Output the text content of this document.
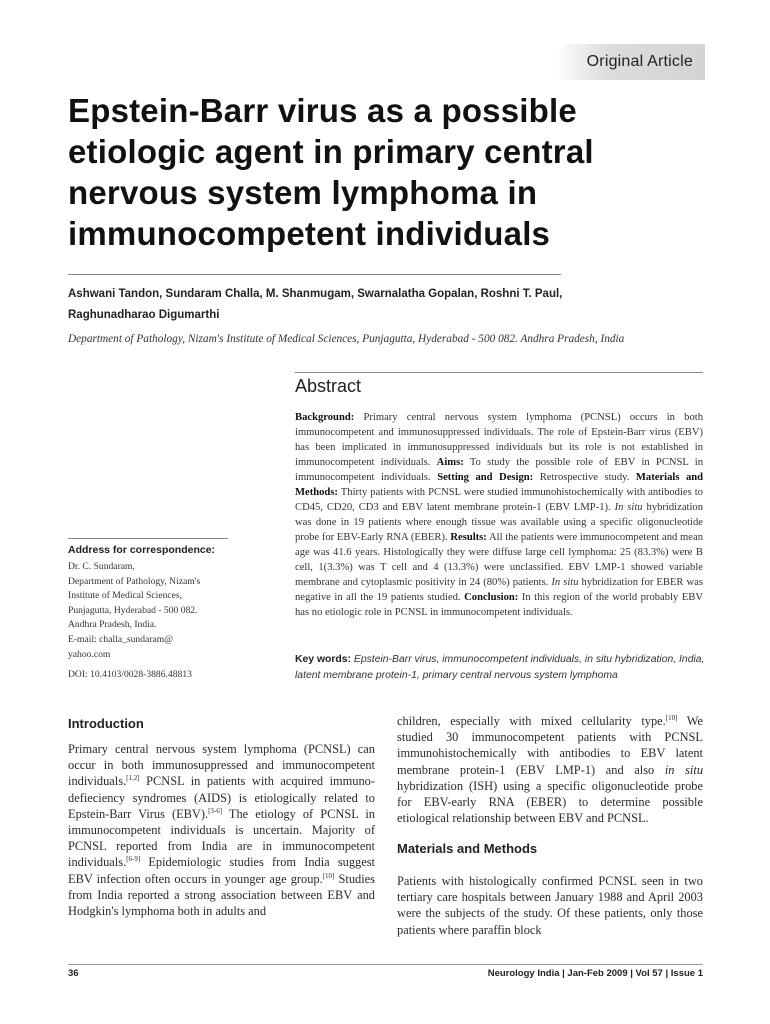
Original Article
Epstein-Barr virus as a possible etiologic agent in primary central nervous system lymphoma in immunocompetent individuals

Ashwani Tandon, Sundaram Challa, M. Shanmugam, Swarnalatha Gopalan, Roshni T. Paul, Raghunadharao Digumarthi

Department of Pathology, Nizam's Institute of Medical Sciences, Punjagutta, Hyderabad - 500 082. Andhra Pradesh, India

Abstract

Background: Primary central nervous system lymphoma (PCNSL) occurs in both immunocompetent and immunosuppressed individuals. The role of Epstein-Barr virus (EBV) has been implicated in immunosuppressed individuals but its role is not established in immunocompetent individuals. Aims: To study the possible role of EBV in PCNSL in immunocompetent individuals. Setting and Design: Retrospective study. Materials and Methods: Thirty patients with PCNSL were studied immunohistochemically with antibodies to CD45, CD20, CD3 and EBV latent membrane protein-1 (EBV LMP-1). In situ hybridization was done in 19 patients where enough tissue was available using a specific oligonucleotide probe for EBV-Early RNA (EBER). Results: All the patients were immunocompetent and mean age was 41.6 years. Histologically they were diffuse large cell lymphoma: 25 (83.3%) were B cell, 1(3.3%) was T cell and 4 (13.3%) were unclassified. EBV LMP-1 showed variable membrane and cytoplasmic positivity in 24 (80%) patients. In situ hybridization for EBER was negative in all the 19 patients studied. Conclusion: In this region of the world probably EBV has no etiologic role in PCNSL in immunocompetent individuals.

Key words: Epstein-Barr virus, immunocompetent individuals, in situ hybridization, India, latent membrane protein-1, primary central nervous system lymphoma

Address for correspondence:

Dr. C. Sundaram,
Department of Pathology, Nizam's
Institute of Medical Sciences,
Punjagutta, Hyderabad - 500 082.
Andhra Pradesh, India.
E-mail: challa_sundaram@
yahoo.com

DOI: 10.4103/0028-3886.48813

Introduction

Primary central nervous system lymphoma (PCNSL) can occur in both immunosuppressed and immunocompetent individuals.[1,2] PCNSL in patients with acquired immuno-defieciency syndromes (AIDS) is etiologically related to Epstein-Barr Virus (EBV).[3-6] The etiology of PCNSL in immunocompetent individuals is uncertain. Majority of PCNSL reported from India are in immunocompetent individuals.[6-9] Epidemiologic studies from India suggest EBV infection often occurs in younger age group.[10] Studies from India reported a strong association between EBV and Hodgkin's lymphoma both in adults and

children, especially with mixed cellularity type.[10] We studied 30 immunocompetent patients with PCNSL immunohistochemically with antibodies to EBV latent membrane protein-1 (EBV LMP-1) and also in situ hybridization (ISH) using a specific oligonucleotide probe for EBV-early RNA (EBER) to determine possible etiological relationship between EBV and PCNSL.

Materials and Methods

Patients with histologically confirmed PCNSL seen in two tertiary care hospitals between January 1988 and April 2003 were the subjects of the study. Of these patients, only those patients where paraffin block

36	Neurology India | Jan-Feb 2009 | Vol 57 | Issue 1
